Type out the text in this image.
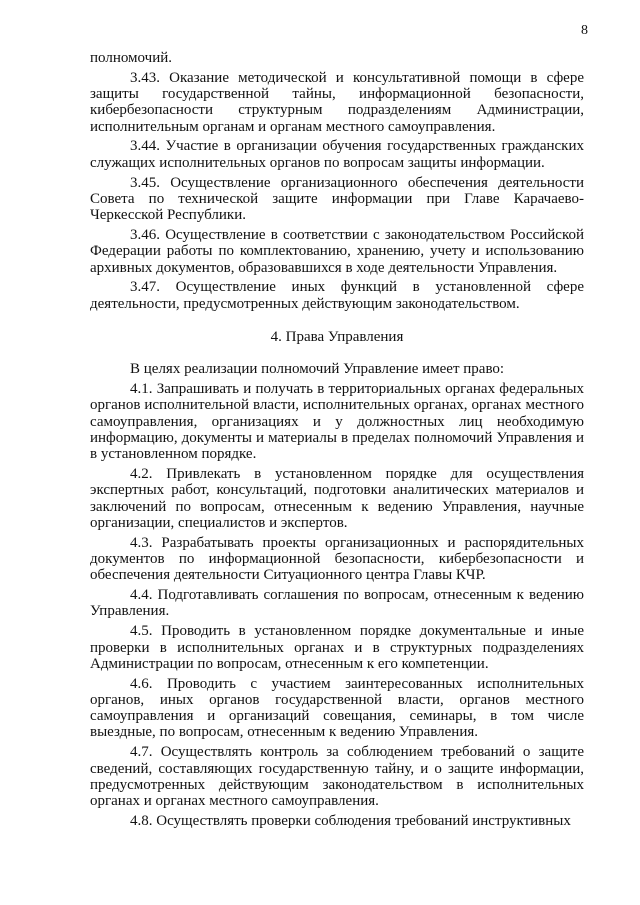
8

полномочий.

3.43. Оказание методической и консультативной помощи в сфере защиты государственной тайны, информационной безопасности, кибербезопасности структурным подразделениям Администрации, исполнительным органам и органам местного самоуправления.

3.44. Участие в организации обучения государственных гражданских служащих исполнительных органов по вопросам защиты информации.

3.45. Осуществление организационного обеспечения деятельности Совета по технической защите информации при Главе Карачаево-Черкесской Республики.

3.46. Осуществление в соответствии с законодательством Российской Федерации работы по комплектованию, хранению, учету и использованию архивных документов, образовавшихся в ходе деятельности Управления.

3.47. Осуществление иных функций в установленной сфере деятельности, предусмотренных действующим законодательством.

4. Права Управления

В целях реализации полномочий Управление имеет право:

4.1. Запрашивать и получать в территориальных органах федеральных органов исполнительной власти, исполнительных органах, органах местного самоуправления, организациях и у должностных лиц необходимую информацию, документы и материалы в пределах полномочий Управления и в установленном порядке.

4.2. Привлекать в установленном порядке для осуществления экспертных работ, консультаций, подготовки аналитических материалов и заключений по вопросам, отнесенным к ведению Управления, научные организации, специалистов и экспертов.

4.3. Разрабатывать проекты организационных и распорядительных документов по информационной безопасности, кибербезопасности и обеспечения деятельности Ситуационного центра Главы КЧР.

4.4. Подготавливать соглашения по вопросам, отнесенным к ведению Управления.

4.5. Проводить в установленном порядке документальные и иные проверки в исполнительных органах и в структурных подразделениях Администрации по вопросам, отнесенным к его компетенции.

4.6. Проводить с участием заинтересованных исполнительных органов, иных органов государственной власти, органов местного самоуправления и организаций совещания, семинары, в том числе выездные, по вопросам, отнесенным к ведению Управления.

4.7. Осуществлять контроль за соблюдением требований о защите сведений, составляющих государственную тайну, и о защите информации, предусмотренных действующим законодательством в исполнительных органах и органах местного самоуправления.

4.8. Осуществлять проверки соблюдения требований инструктивных
